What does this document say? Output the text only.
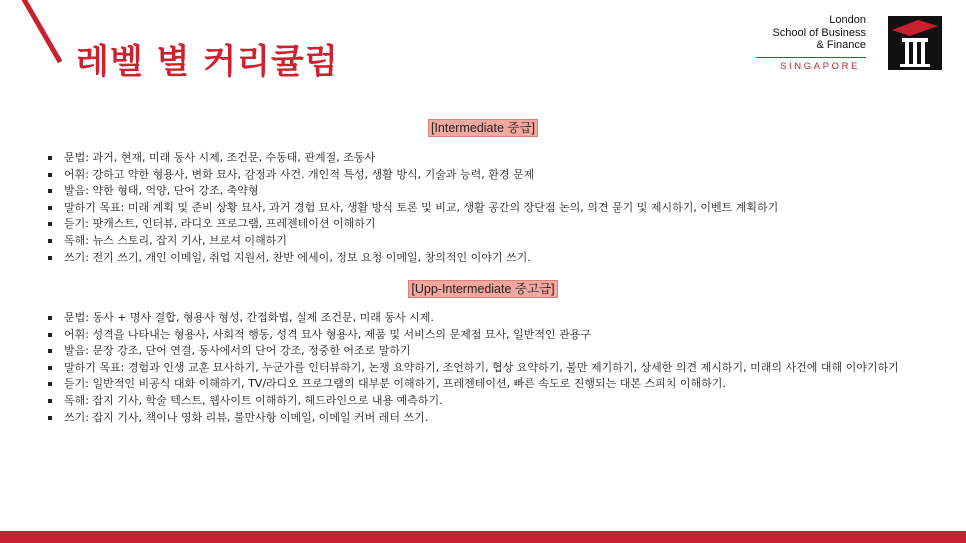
레벨 별 커리큘럼
London
School of Business
& Finance
SINGAPORE
[Intermediate 중급]
문법: 과거, 현재, 미래 동사 시제, 조건문, 수동태, 관계절, 조동사
어휘: 강하고 약한 형용사, 변화 묘사, 감정과 사건. 개인적 특성, 생활 방식, 기술과 능력, 환경 문제
발음: 약한 형태, 억양, 단어 강조, 축약형
말하기 목표: 미래 계획 및 준비 상황 묘사, 과거 경험 묘사, 생활 방식 토론 및 비교, 생활 공간의 장단점 논의, 의견 묻기 및 제시하기, 이벤트 계획하기
듣기: 팟캐스트, 인터뷰, 라디오 프로그램, 프레젠테이션 이해하기
독해: 뉴스 스토리, 잡지 기사, 브로셔 이해하기
쓰기: 전기 쓰기, 개인 이메일, 취업 지원서, 찬반 에세이, 정보 요청 이메일, 창의적인 이야기 쓰기.
[Upp-Intermediate 중고급]
문법: 동사 + 명사 결합, 형용사 형성, 간접화법, 실제 조건문, 미래 동사 시제.
어휘: 성격을 나타내는 형용사, 사회적 행동, 성격 묘사 형용사, 제품 및 서비스의 문제점 묘사, 일반적인 관용구
발음: 문장 강조, 단어 연결, 동사에서의 단어 강조, 정중한 어조로 말하기
말하기 목표: 경험과 인생 교훈 묘사하기, 누군가를 인터뷰하기, 논쟁 요약하기, 조언하기, 협상 요약하기, 불만 제기하기, 상세한 의견 제시하기, 미래의 사건에 대해 이야기하기
듣기: 일반적인 비공식 대화 이해하기, TV/라디오 프로그램의 대부분 이해하기, 프레젠테이션, 빠른 속도로 진행되는 대본 스피치 이해하기.
독해: 잡지 기사, 학술 텍스트, 웹사이트 이해하기, 헤드라인으로 내용 예측하기.
쓰기: 잡지 기사, 책이나 영화 리뷰, 불만사항 이메일, 이메일 커버 레터 쓰기.
